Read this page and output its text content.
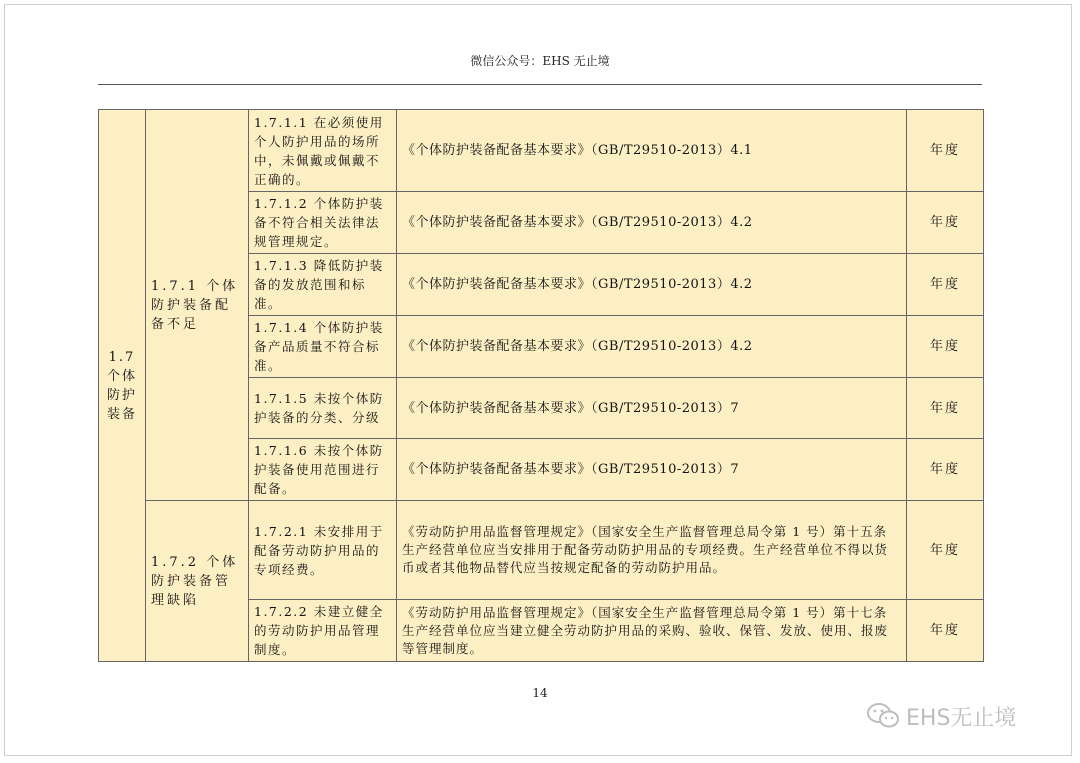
微信公众号：EHS 无止境
1.7
个体
防护
装备	1.7.1 个体防护装备配备不足	1.7.1.1 在必须使用个人防护用品的场所中，未佩戴或佩戴不正确的。	《个体防护装备配备基本要求》（GB/T29510-2013）4.1	年度
		1.7.1.2 个体防护装备不符合相关法律法规管理规定。	《个体防护装备配备基本要求》（GB/T29510-2013）4.2	年度
		1.7.1.3 降低防护装备的发放范围和标准。	《个体防护装备配备基本要求》（GB/T29510-2013）4.2	年度
		1.7.1.4 个体防护装备产品质量不符合标准。	《个体防护装备配备基本要求》（GB/T29510-2013）4.2	年度
		1.7.1.5 未按个体防护装备的分类、分级	《个体防护装备配备基本要求》（GB/T29510-2013）7	年度
		1.7.1.6 未按个体防护装备使用范围进行配备。	《个体防护装备配备基本要求》（GB/T29510-2013）7	年度
	1.7.2 个体防护装备管理缺陷	1.7.2.1 未安排用于配备劳动防护用品的专项经费。	《劳动防护用品监督管理规定》（国家安全生产监督管理总局令第 1 号）第十五条 生产经营单位应当安排用于配备劳动防护用品的专项经费。生产经营单位不得以货币或者其他物品替代应当按规定配备的劳动防护用品。	年度
		1.7.2.2 未建立健全的劳动防护用品管理制度。	《劳动防护用品监督管理规定》（国家安全生产监督管理总局令第 1 号）第十七条 生产经营单位应当建立健全劳动防护用品的采购、验收、保管、发放、使用、报废等管理制度。	年度
14
EHS无止境
